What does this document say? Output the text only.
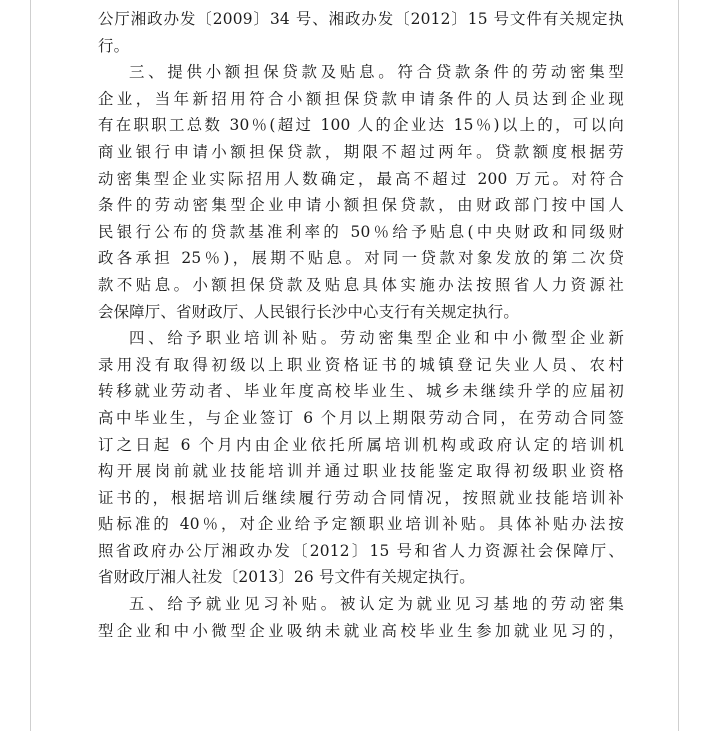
公厅湘政办发〔2009〕34 号、湘政办发〔2012〕15 号文件有关规定执
行。
三、提供小额担保贷款及贴息。符合贷款条件的劳动密集型
企业，当年新招用符合小额担保贷款申请条件的人员达到企业现
有在职职工总数 30％(超过 100 人的企业达 15％)以上的，可以向
商业银行申请小额担保贷款，期限不超过两年。贷款额度根据劳
动密集型企业实际招用人数确定，最高不超过 200 万元。对符合
条件的劳动密集型企业申请小额担保贷款，由财政部门按中国人
民银行公布的贷款基准利率的 50％给予贴息(中央财政和同级财
政各承担 25％)，展期不贴息。对同一贷款对象发放的第二次贷
款不贴息。小额担保贷款及贴息具体实施办法按照省人力资源社
会保障厅、省财政厅、人民银行长沙中心支行有关规定执行。
四、给予职业培训补贴。劳动密集型企业和中小微型企业新
录用没有取得初级以上职业资格证书的城镇登记失业人员、农村
转移就业劳动者、毕业年度高校毕业生、城乡未继续升学的应届初
高中毕业生，与企业签订 6 个月以上期限劳动合同，在劳动合同签
订之日起 6 个月内由企业依托所属培训机构或政府认定的培训机
构开展岗前就业技能培训并通过职业技能鉴定取得初级职业资格
证书的，根据培训后继续履行劳动合同情况，按照就业技能培训补
贴标准的 40％，对企业给予定额职业培训补贴。具体补贴办法按
照省政府办公厅湘政办发〔2012〕15 号和省人力资源社会保障厅、
省财政厅湘人社发〔2013〕26 号文件有关规定执行。
五、给予就业见习补贴。被认定为就业见习基地的劳动密集
型企业和中小微型企业吸纳未就业高校毕业生参加就业见习的，
